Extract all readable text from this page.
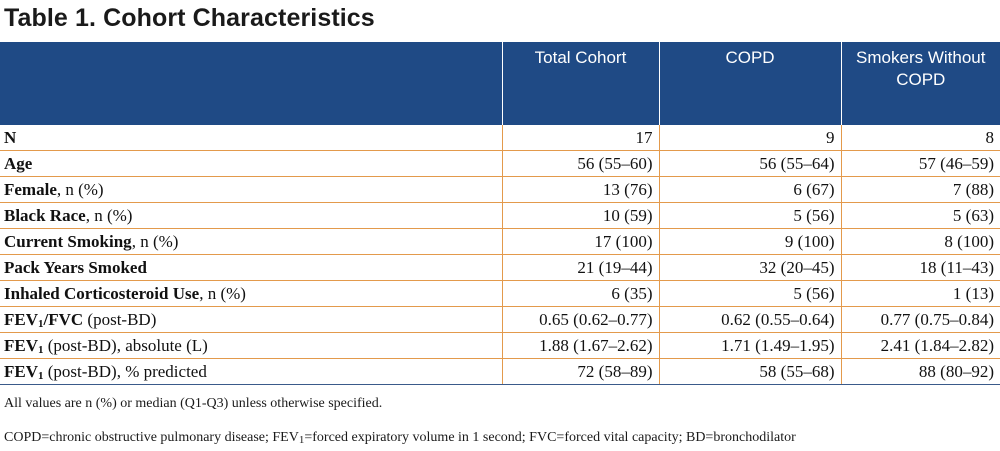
Table 1. Cohort Characteristics
	Total Cohort	COPD	Smokers Without COPD
N	17	9	8
Age	56 (55–60)	56 (55–64)	57 (46–59)
Female, n (%)	13 (76)	6 (67)	7 (88)
Black Race, n (%)	10 (59)	5 (56)	5 (63)
Current Smoking, n (%)	17 (100)	9 (100)	8 (100)
Pack Years Smoked	21 (19–44)	32 (20–45)	18 (11–43)
Inhaled Corticosteroid Use, n (%)	6 (35)	5 (56)	1 (13)
$FEV_1$/FVC (post-BD)	0.65 (0.62–0.77)	0.62 (0.55–0.64)	0.77 (0.75–0.84)
$FEV_1$ (post-BD), absolute (L)	1.88 (1.67–2.62)	1.71 (1.49–1.95)	2.41 (1.84–2.82)
$FEV_1$ (post-BD), % predicted	72 (58–89)	58 (55–68)	88 (80–92)
All values are n (%) or median (Q1-Q3) unless otherwise specified.
COPD=chronic obstructive pulmonary disease; $FEV_1=forced$ expiratory volume in 1 second; FVC=forced vital capacity; BD=bronchodilator
